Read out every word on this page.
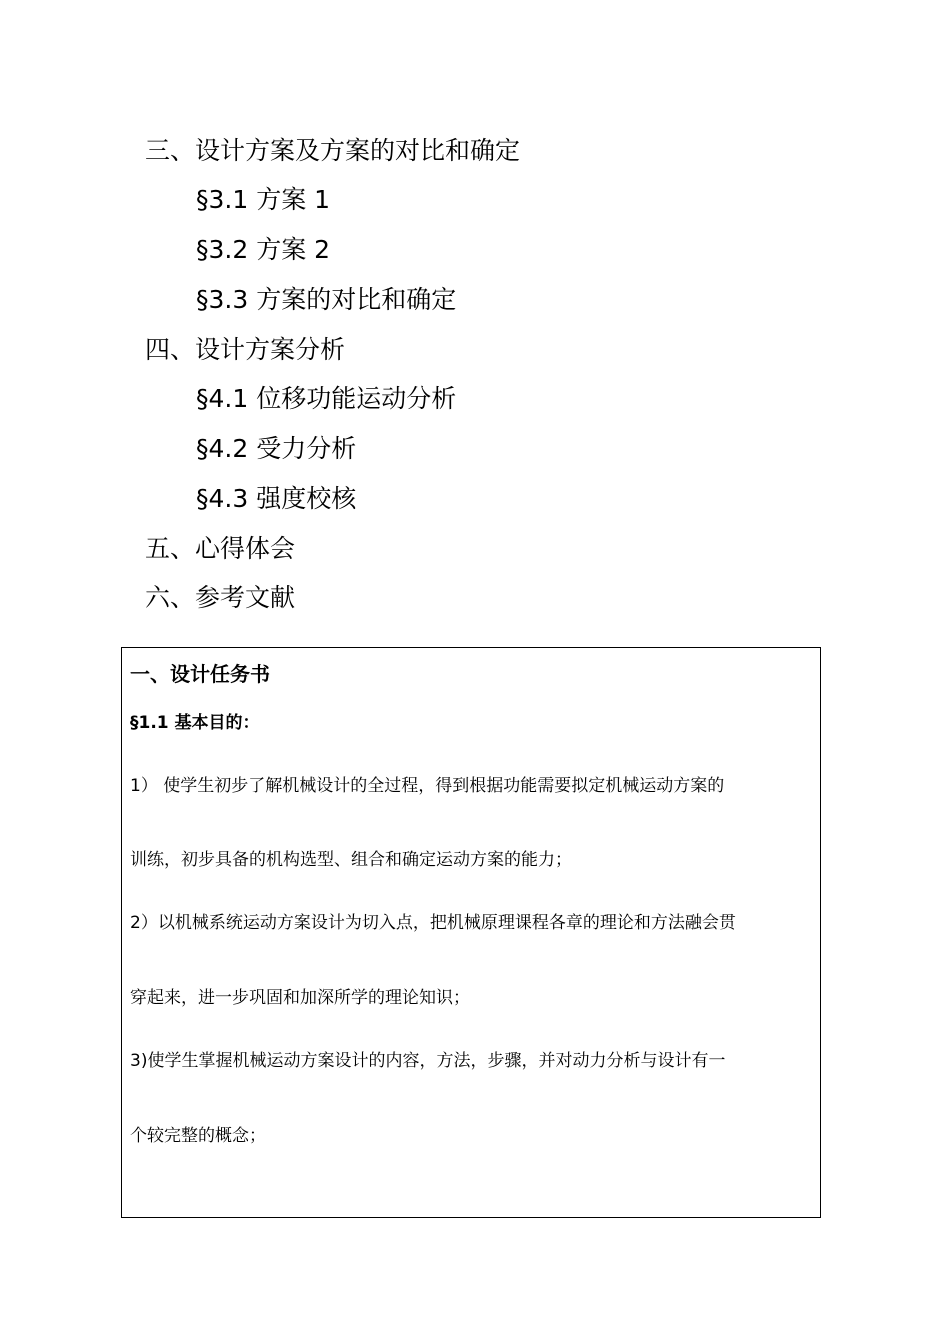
三、设计方案及方案的对比和确定
§3.1 方案 1
§3.2 方案 2
§3.3 方案的对比和确定
四、设计方案分析
§4.1 位移功能运动分析
§4.2 受力分析
§4.3 强度校核
五、心得体会
六、参考文献
一、设计任务书
§1.1 基本目的：
1） 使学生初步了解机械设计的全过程，得到根据功能需要拟定机械运动方案的
训练，初步具备的机构选型、组合和确定运动方案的能力；
2）以机械系统运动方案设计为切入点，把机械原理课程各章的理论和方法融会贯
穿起来，进一步巩固和加深所学的理论知识；
3)使学生掌握机械运动方案设计的内容，方法，步骤，并对动力分析与设计有一
个较完整的概念；
